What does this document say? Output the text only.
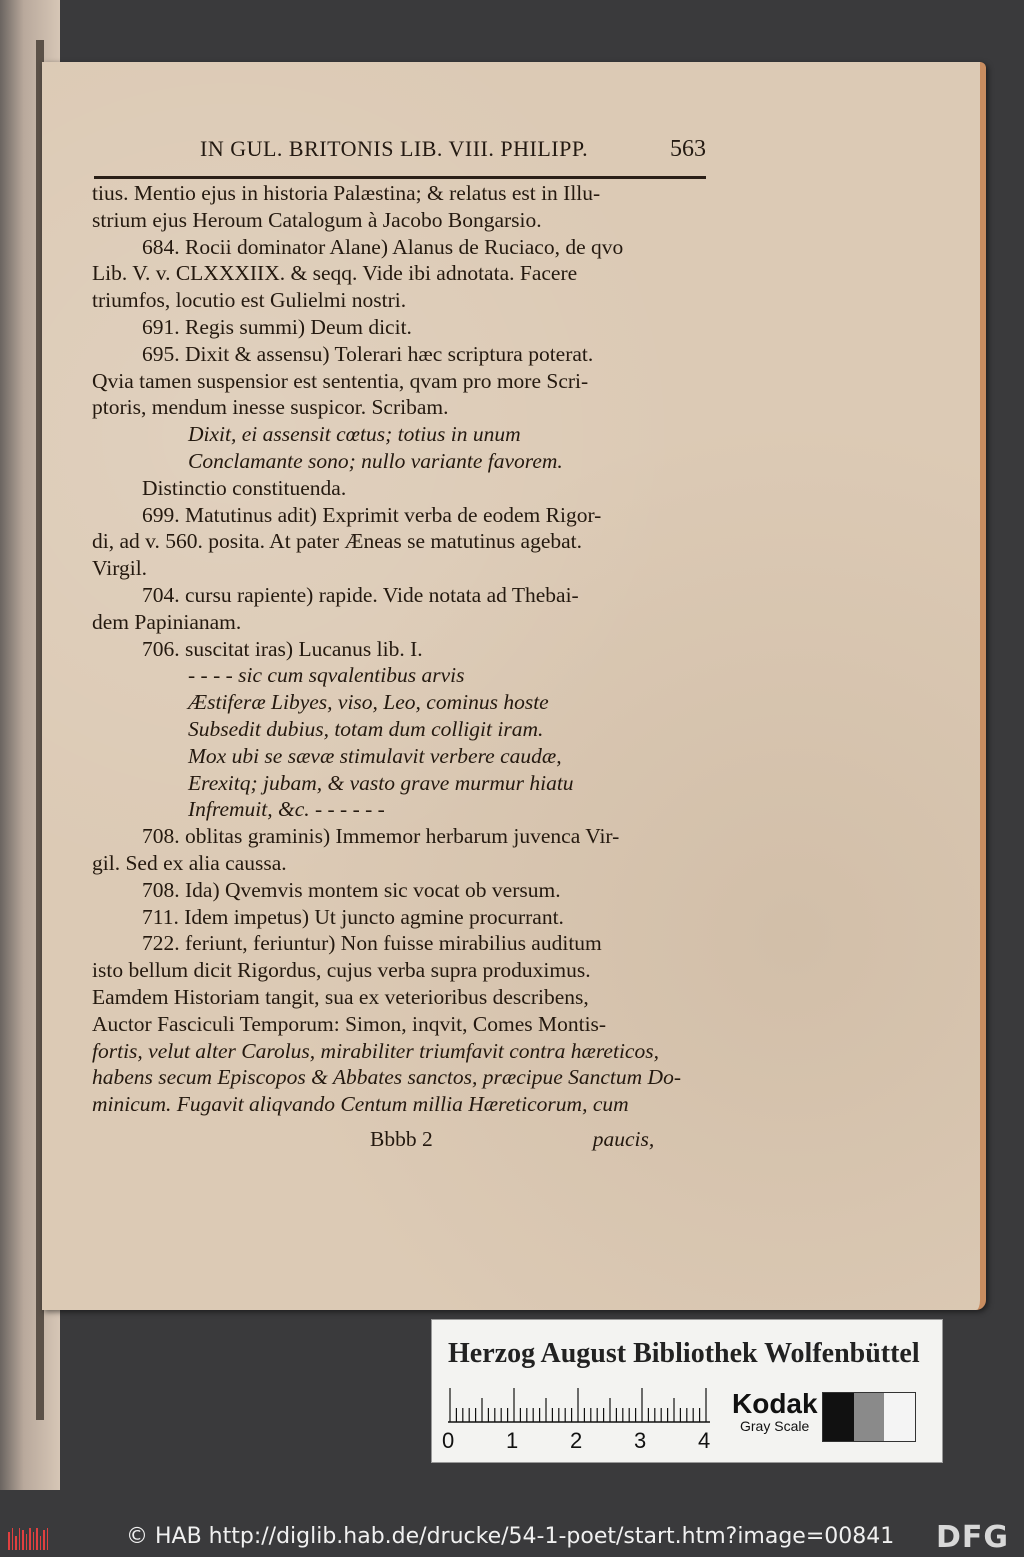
IN GUL. BRITONIS LIB. VIII. PHILIPP.	563
tius. Mentio ejus in historia Palæstina; & relatus est in Illu-
strium ejus Heroum Catalogum à Jacobo Bongarsio.
684. Rocii dominator Alane) Alanus de Ruciaco, de qvo
Lib. V. v. CLXXXIIX. & seqq. Vide ibi adnotata. Facere
triumfos, locutio est Gulielmi nostri.
691. Regis summi) Deum dicit.
695. Dixit & assensu) Tolerari hæc scriptura poterat.
Qvia tamen suspensior est sententia, qvam pro more Scri-
ptoris, mendum inesse suspicor. Scribam.
Dixit, ei assensit cœtus; totius in unum
Conclamante sono; nullo variante favorem.
Distinctio constituenda.
699. Matutinus adit) Exprimit verba de eodem Rigor-
di, ad v. 560. posita. At pater Æneas se matutinus agebat.
Virgil.
704. cursu rapiente) rapide. Vide notata ad Thebai-
dem Papinianam.
706. suscitat iras) Lucanus lib. I.
- - - - sic cum sqvalentibus arvis
Æstiferæ Libyes, viso, Leo, cominus hoste
Subsedit dubius, totam dum colligit iram.
Mox ubi se sævæ stimulavit verbere caudæ,
Erexitq; jubam, & vasto grave murmur hiatu
Infremuit, &c. - - - - - -
708. oblitas graminis) Immemor herbarum juvenca Vir-
gil. Sed ex alia caussa.
708. Ida) Qvemvis montem sic vocat ob versum.
711. Idem impetus) Ut juncto agmine procurrant.
722. feriunt, feriuntur) Non fuisse mirabilius auditum
isto bellum dicit Rigordus, cujus verba supra produximus.
Eamdem Historiam tangit, sua ex veterioribus describens,
Auctor Fasciculi Temporum: Simon, inqvit, Comes Montis-
fortis, velut alter Carolus, mirabiliter triumfavit contra hæreticos,
habens secum Episcopos & Abbates sanctos, præcipue Sanctum Do-
minicum. Fugavit aliqvando Centum millia Hæreticorum, cum
Bbbb 2	paucis,
Herzog August Bibliothek Wolfenbüttel
0 1 2 3 4
Kodak
Gray Scale
© HAB http://diglib.hab.de/drucke/54-1-poet/start.htm?image=00841 DFG
